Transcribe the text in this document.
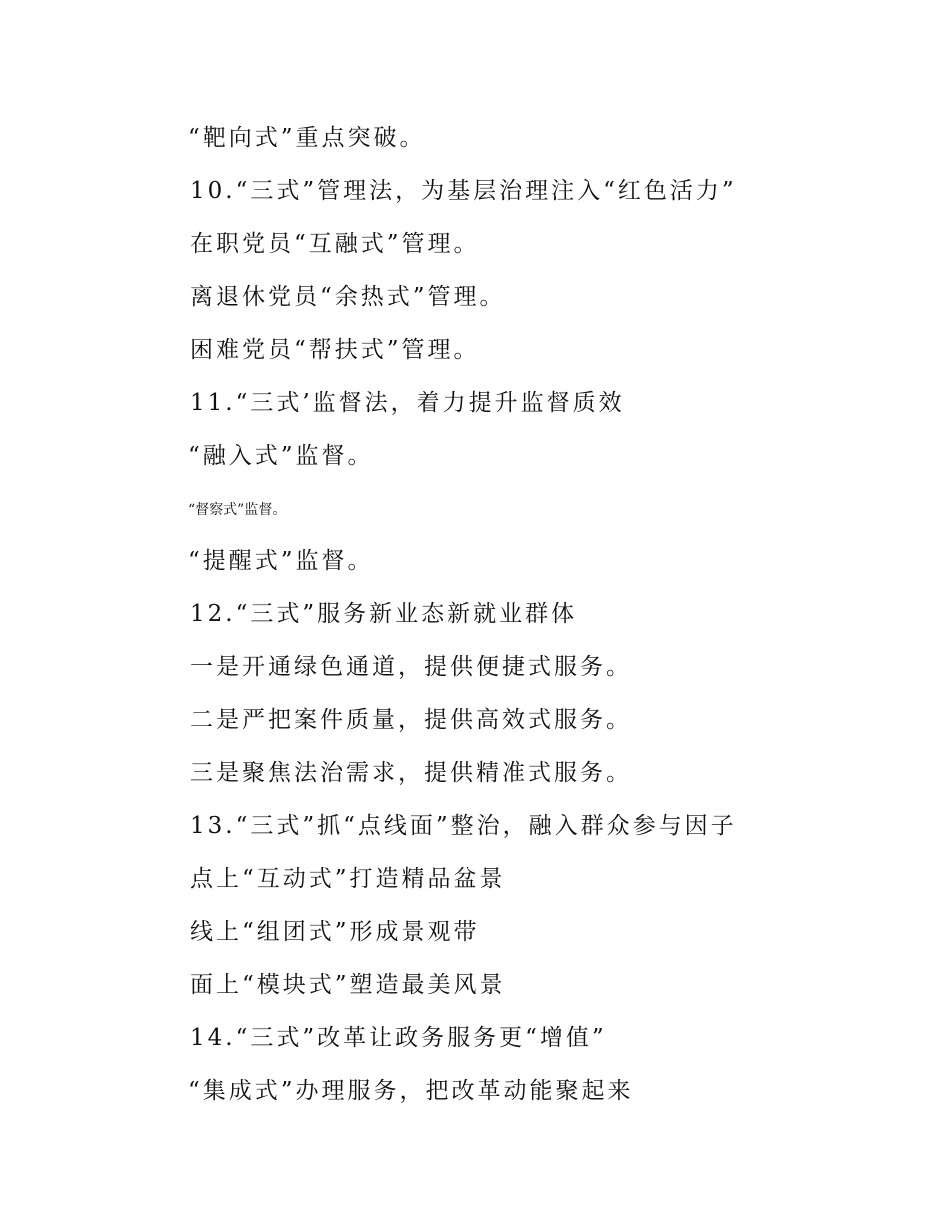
“靶向式”重点突破。
10.“三式”管理法，为基层治理注入“红色活力”
在职党员“互融式”管理。
离退休党员“余热式”管理。
困难党员“帮扶式”管理。
11.“三式’监督法，着力提升监督质效
“融入式”监督。
“督察式”监督。
“提醒式”监督。
12.“三式”服务新业态新就业群体
一是开通绿色通道，提供便捷式服务。
二是严把案件质量，提供高效式服务。
三是聚焦法治需求，提供精准式服务。
13.“三式”抓“点线面”整治，融入群众参与因子
点上“互动式”打造精品盆景
线上“组团式”形成景观带
面上“模块式”塑造最美风景
14.“三式”改革让政务服务更“增值”
“集成式”办理服务，把改革动能聚起来
